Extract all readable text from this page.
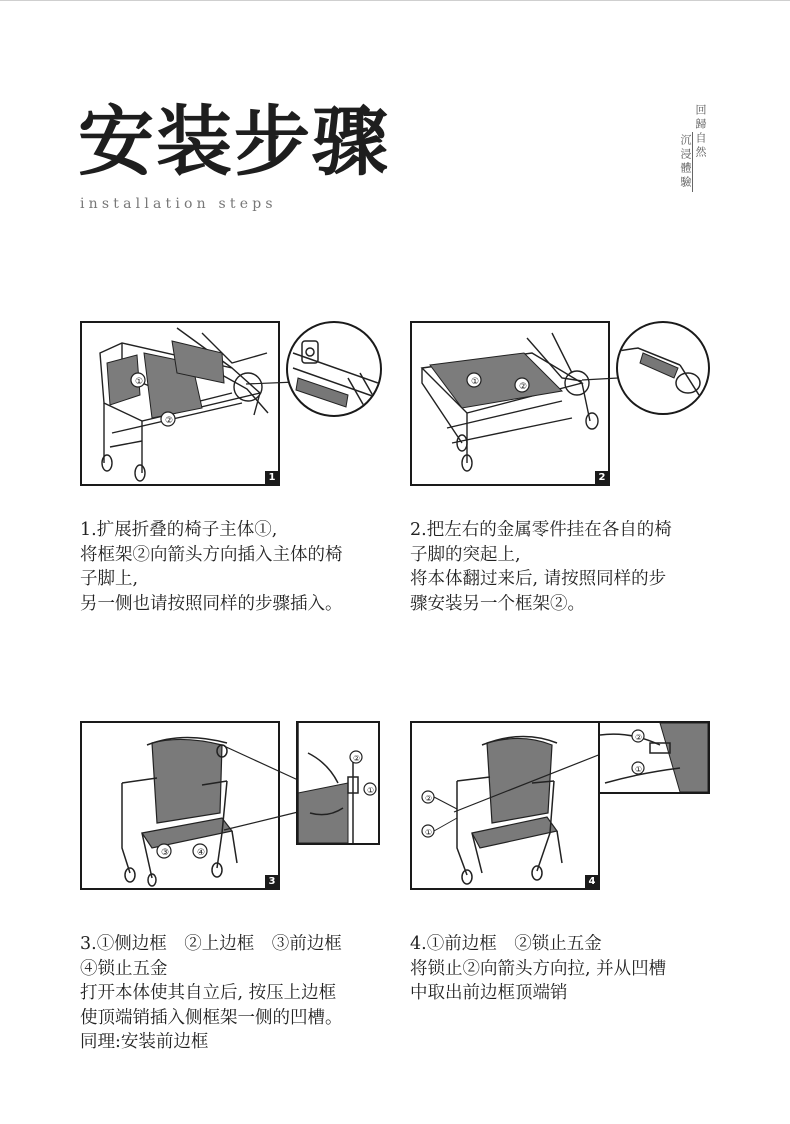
安装步骤
installation steps
回歸自然
沉浸體驗
①
②
1
1.扩展折叠的椅子主体①,
将框架②向箭头方向插入主体的椅
子脚上,
另一侧也请按照同样的步骤插入。
①	②
2
2.把左右的金属零件挂在各自的椅
子脚的突起上,
将本体翻过来后, 请按照同样的步
骤安装另一个框架②。
③	④
3
②
①
3.①侧边框　②上边框　③前边框
④锁止五金
打开本体使其自立后, 按压上边框
使顶端销插入侧框架一侧的凹槽。
同理:安装前边框
②
①
4
②
①
4.①前边框　②锁止五金
将锁止②向箭头方向拉, 并从凹槽
中取出前边框顶端销
